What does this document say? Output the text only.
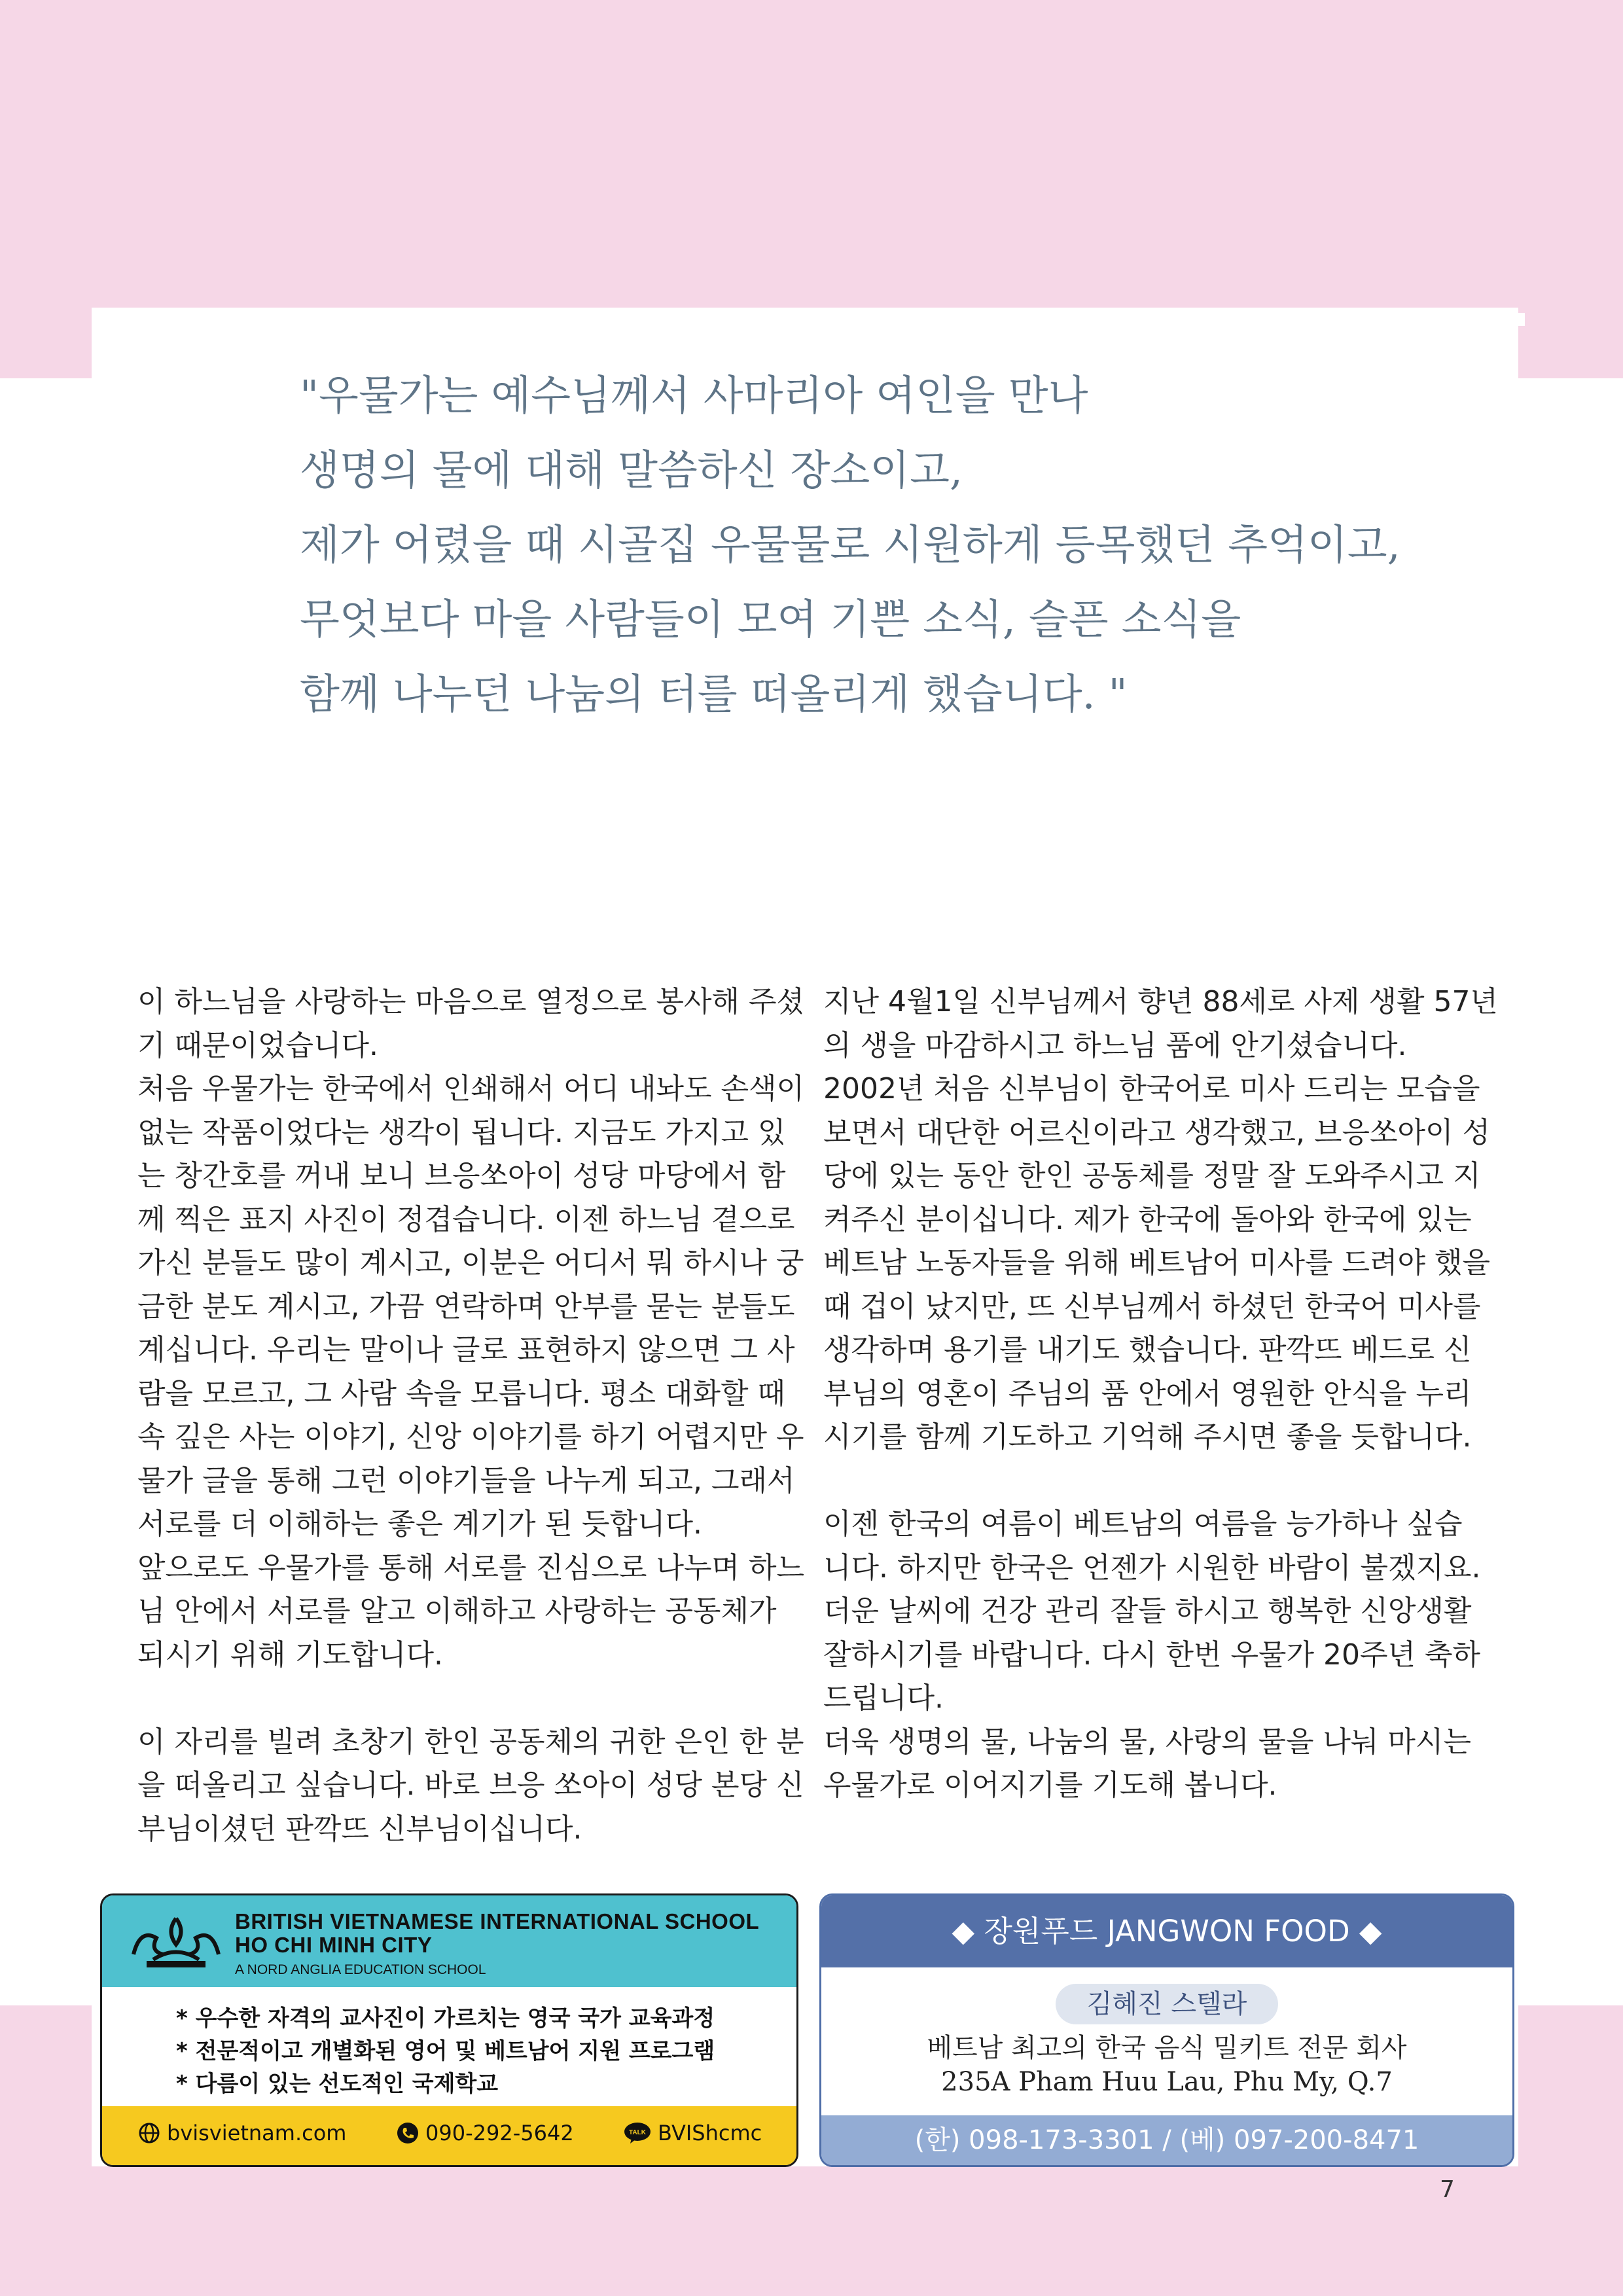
"우물가는 예수님께서 사마리아 여인을 만나
생명의 물에 대해 말씀하신 장소이고,
제가 어렸을 때 시골집 우물물로 시원하게 등목했던 추억이고,
무엇보다 마을 사람들이 모여 기쁜 소식, 슬픈 소식을
함께 나누던 나눔의 터를 떠올리게 했습니다. "

이 하느님을 사랑하는 마음으로 열정으로 봉사해 주셨

기 때문이었습니다.

처음 우물가는 한국에서 인쇄해서 어디 내놔도 손색이

없는 작품이었다는 생각이 됩니다. 지금도 가지고 있

는 창간호를 꺼내 보니 브응쏘아이 성당 마당에서 함

께 찍은 표지 사진이 정겹습니다. 이젠 하느님 곁으로

가신 분들도 많이 계시고, 이분은 어디서 뭐 하시나 궁

금한 분도 계시고, 가끔 연락하며 안부를 묻는 분들도

계십니다. 우리는 말이나 글로 표현하지 않으면 그 사

람을 모르고, 그 사람 속을 모릅니다. 평소 대화할 때

속 깊은 사는 이야기, 신앙 이야기를 하기 어렵지만 우

물가 글을 통해 그런 이야기들을 나누게 되고, 그래서

서로를 더 이해하는 좋은 계기가 된 듯합니다.

앞으로도 우물가를 통해 서로를 진심으로 나누며 하느

님 안에서 서로를 알고 이해하고 사랑하는 공동체가

되시기 위해 기도합니다.

이 자리를 빌려 초창기 한인 공동체의 귀한 은인 한 분

을 떠올리고 싶습니다. 바로 브응 쏘아이 성당 본당 신

부님이셨던 판깍뜨 신부님이십니다.

지난 4월1일 신부님께서 향년 88세로 사제 생활 57년

의 생을 마감하시고 하느님 품에 안기셨습니다.

2002년 처음 신부님이 한국어로 미사 드리는 모습을

보면서 대단한 어르신이라고 생각했고, 브응쏘아이 성

당에 있는 동안 한인 공동체를 정말 잘 도와주시고 지

켜주신 분이십니다. 제가 한국에 돌아와 한국에 있는

베트남 노동자들을 위해 베트남어 미사를 드려야 했을

때 겁이 났지만, 뜨 신부님께서 하셨던 한국어 미사를

생각하며 용기를 내기도 했습니다. 판깍뜨 베드로 신

부님의 영혼이 주님의 품 안에서 영원한 안식을 누리

시기를 함께 기도하고 기억해 주시면 좋을 듯합니다.

이젠 한국의 여름이 베트남의 여름을 능가하나 싶습

니다. 하지만 한국은 언젠가 시원한 바람이 불겠지요.

더운 날씨에 건강 관리 잘들 하시고 행복한 신앙생활

잘하시기를 바랍니다. 다시 한번 우물가 20주년 축하

드립니다.

더욱 생명의 물, 나눔의 물, 사랑의 물을 나눠 마시는

우물가로 이어지기를 기도해 봅니다.

BRITISH VIETNAMESE INTERNATIONAL SCHOOL
HO CHI MINH CITY
A NORD ANGLIA EDUCATION SCHOOL
* 우수한 자격의 교사진이 가르치는 영국 국가 교육과정
* 전문적이고 개별화된 영어 및 베트남어 지원 프로그램
* 다름이 있는 선도적인 국제학교
bvisvietnam.com	090-292-5642	TALK BVIShcmc
◆ 장원푸드 JANGWON FOOD ◆
김혜진 스텔라
베트남 최고의 한국 음식 밀키트 전문 회사
235A Pham Huu Lau, Phu My, Q.7
(한) 098-173-3301 / (베) 097-200-8471
7
